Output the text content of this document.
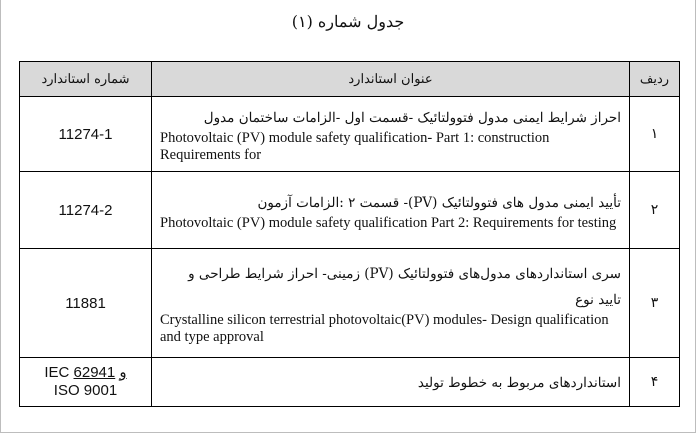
جدول شماره (۱)
ردیف	عنوان استاندارد	شماره استاندارد
۱	احراز شرایط ایمنی مدول فتوولتائیک -قسمت اول -الزامات ساختمان مدول
Photovoltaic (PV) module safety qualification- Part 1: construction Requirements for	11274-1
۲	تأیید ایمنی مدول های فتوولتائیک (PV)- قسمت ۲ :الزامات آزمون
Photovoltaic (PV) module safety qualification Part 2: Requirements for testing	11274-2
۳	سری استانداردهای مدول‌های فتوولتائیک (PV) زمینی- احراز شرایط طراحی و
تایید نوع
Crystalline silicon terrestrial photovoltaic(PV) modules- Design qualification and type approval	11881
۴	استانداردهای مربوط به خطوط تولید	IEC 62941 و
ISO 9001
